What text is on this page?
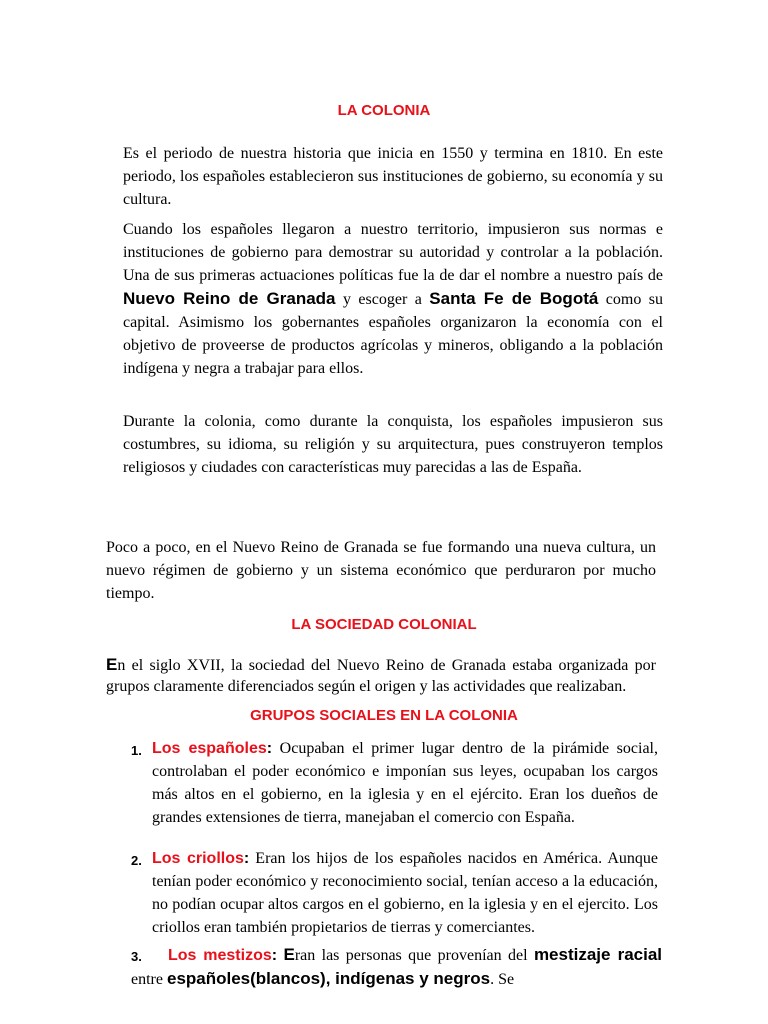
LA COLONIA

Es el periodo de nuestra historia que inicia en 1550 y termina en 1810. En este periodo, los españoles establecieron sus instituciones de gobierno, su economía y su cultura.

Cuando los españoles llegaron a nuestro territorio, impusieron sus normas e instituciones de gobierno para demostrar su autoridad y controlar a la población. Una de sus primeras actuaciones políticas fue la de dar el nombre a nuestro país de Nuevo Reino de Granada y escoger a Santa Fe de Bogotá como su capital. Asimismo los gobernantes españoles organizaron la economía con el objetivo de proveerse de productos agrícolas y mineros, obligando a la población indígena y negra a trabajar para ellos.

Durante la colonia, como durante la conquista, los españoles impusieron sus costumbres, su idioma, su religión y su arquitectura, pues construyeron templos religiosos y ciudades con características muy parecidas a las de España.

Poco a poco, en el Nuevo Reino de Granada se fue formando una nueva cultura, un nuevo régimen de gobierno y un sistema económico que perduraron por mucho tiempo.

LA SOCIEDAD COLONIAL

En el siglo XVII, la sociedad del Nuevo Reino de Granada estaba organizada por grupos claramente diferenciados según el origen y las actividades que realizaban.

GRUPOS SOCIALES EN LA COLONIA
1. Los españoles: Ocupaban el primer lugar dentro de la pirámide social, controlaban el poder económico e imponían sus leyes, ocupaban los cargos más altos en el gobierno, en la iglesia y en el ejército. Eran los dueños de grandes extensiones de tierra, manejaban el comercio con España.

2. Los criollos: Eran los hijos de los españoles nacidos en América. Aunque tenían poder económico y reconocimiento social, tenían acceso a la educación, no podían ocupar altos cargos en el gobierno, en la iglesia y en el ejercito. Los criollos eran también propietarios de tierras y comerciantes.

3.	Los mestizos: Eran las personas que provenían del mestizaje racial entre españoles(blancos), indígenas y negros. Se
